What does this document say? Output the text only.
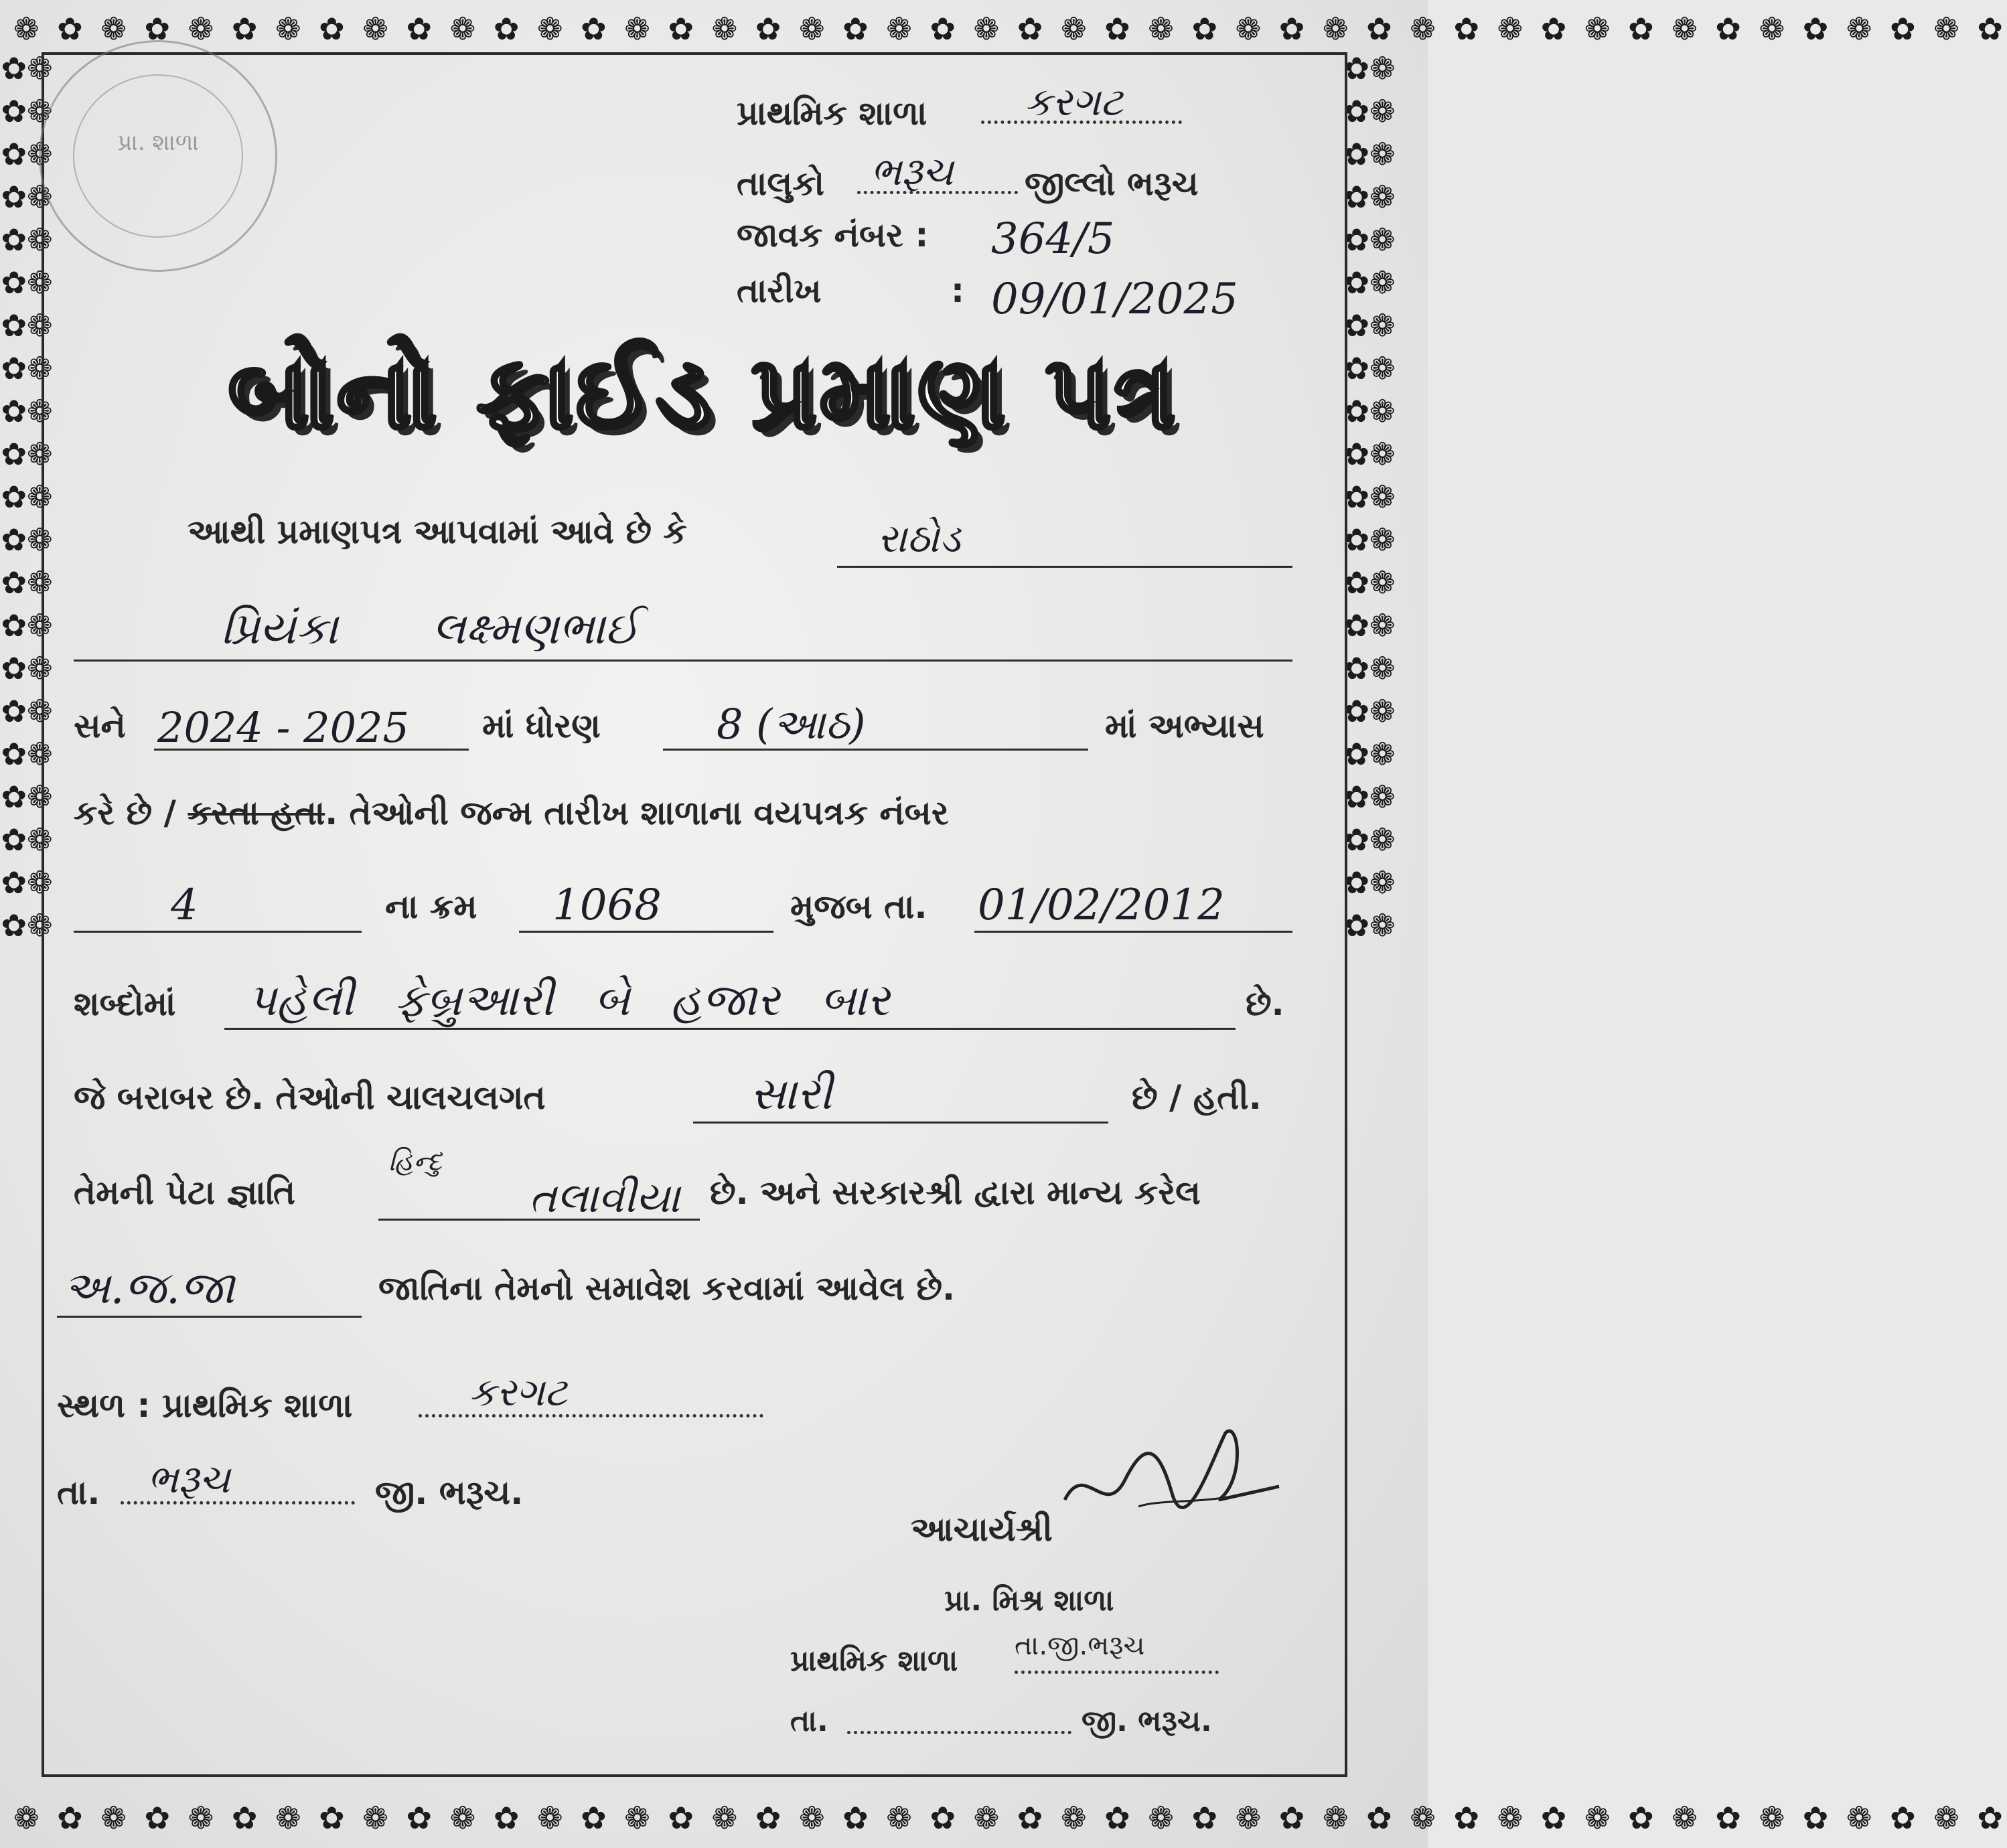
❁ ✿ ❁ ✿ ❁ ✿ ❁ ✿ ❁ ✿ ❁ ✿ ❁ ✿ ❁ ✿ ❁ ✿ ❁ ✿ ❁ ✿ ❁ ✿ ❁ ✿ ❁ ✿ ❁ ✿ ❁ ✿ ❁ ✿ ❁ ✿ ❁ ✿ ❁ ✿ ❁ ✿ ❁ ✿ ❁ ✿
❁ ✿ ❁ ✿ ❁ ✿ ❁ ✿ ❁ ✿ ❁ ✿ ❁ ✿ ❁ ✿ ❁ ✿ ❁ ✿ ❁ ✿ ❁ ✿ ❁ ✿ ❁ ✿ ❁ ✿ ❁ ✿ ❁ ✿ ❁ ✿ ❁ ✿ ❁ ✿ ❁ ✿ ❁ ✿ ❁ ✿
✿❁✿❁✿❁✿❁✿❁✿❁✿❁✿❁✿❁✿❁✿❁✿❁✿❁✿❁✿❁✿❁✿❁✿❁✿❁✿❁✿❁
✿❁✿❁✿❁✿❁✿❁✿❁✿❁✿❁✿❁✿❁✿❁✿❁✿❁✿❁✿❁✿❁✿❁✿❁✿❁✿❁✿❁
પ્રા. શાળા
પ્રાથમિક શાળા	કરગટ
તાલુકો ભરૂચ જીલ્લો ભરૂચ
જાવક નંબર : 364/5
તારીખ	: 09/01/2025
બોનો ફાઈડ પ્રમાણ પત્ર
આથી પ્રમાણપત્ર આપવામાં આવે છે કે	રાઠોડ
પ્રિયંકા લક્ષ્મણભાઈ
સને 2024 - 2025 માં ધોરણ	8 (આઠ)	માં અભ્યાસ
કરે છે / કરતા હતા. તેઓની જન્મ તારીખ શાળાના વયપત્રક નંબર
4	ના ક્રમ 1068	મુજબ તા. 01/02/2012
શબ્દોમાં પહેલી ફેબ્રુઆરી બે હજાર બાર	છે.
જે બરાબર છે. તેઓની ચાલચલગત	સારી	છે / હતી.
તેમની પેટા જ્ઞાતિ
હિન્દુ
તલાવીયા છે. અને સરકારશ્રી દ્વારા માન્ય કરેલ
અ.જ.જા	જાતિના તેમનો સમાવેશ કરવામાં આવેલ છે.
સ્થળ : પ્રાથમિક શાળા	કરગટ
તા. ભરૂચ	જી. ભરૂચ.
આચાર્યશ્રી
પ્રા. મિશ્ર શાળા
પ્રાથમિક શાળા તા.જી.ભરૂચ
તા.	જી. ભરૂચ.
